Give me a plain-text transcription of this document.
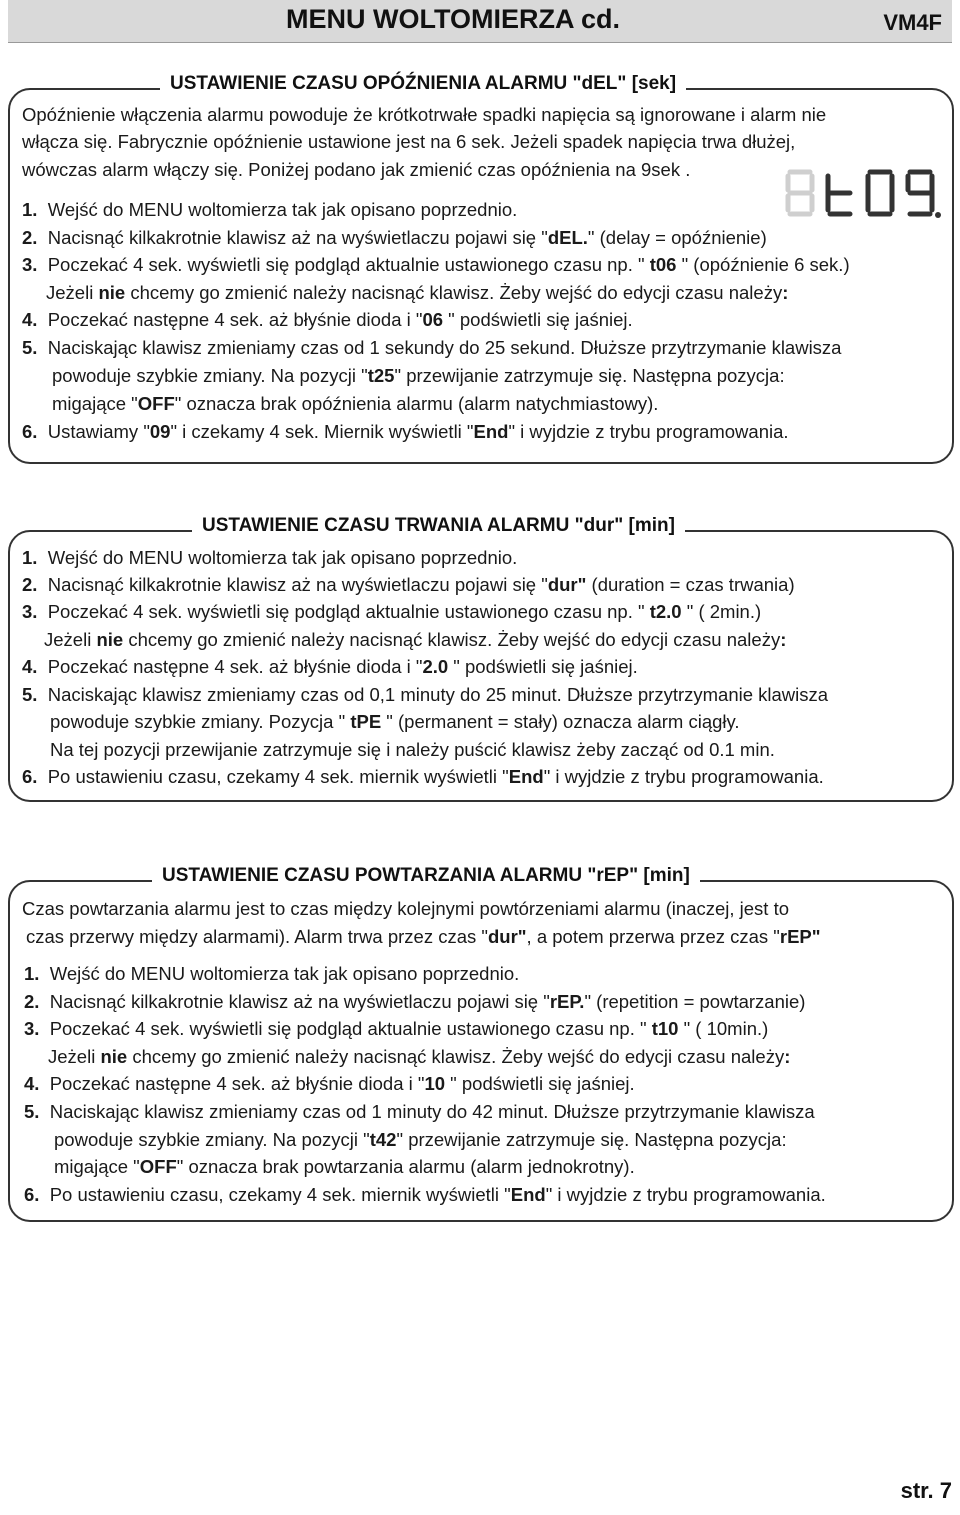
MENU WOLTOMIERZA cd.	VM4F
USTAWIENIE CZASU OPÓŹNIENIA ALARMU "dEL" [sek]
Opóźnienie włączenia alarmu powoduje że krótkotrwałe spadki napięcia są ignorowane i alarm nie
włącza się. Fabrycznie opóźnienie ustawione jest na 6 sek. Jeżeli spadek napięcia trwa dłużej,
wówczas alarm włączy się. Poniżej podano jak zmienić czas opóźnienia na 9sek .
1. Wejść do MENU woltomierza tak jak opisano poprzednio.
2. Nacisnąć kilkakrotnie klawisz aż na wyświetlaczu pojawi się "dEL." (delay = opóźnienie)
3. Poczekać 4 sek. wyświetli się podgląd aktualnie ustawionego czasu np. " t06 " (opóźnienie 6 sek.)
Jeżeli nie chcemy go zmienić należy nacisnąć klawisz. Żeby wejść do edycji czasu należy:
4. Poczekać następne 4 sek. aż błyśnie dioda i "06 " podświetli się jaśniej.
5. Naciskając klawisz zmieniamy czas od 1 sekundy do 25 sekund. Dłuższe przytrzymanie klawisza
powoduje szybkie zmiany. Na pozycji "t25" przewijanie zatrzymuje się. Następna pozycja:
migające "OFF" oznacza brak opóźnienia alarmu (alarm natychmiastowy).
6. Ustawiamy "09" i czekamy 4 sek. Miernik wyświetli "End" i wyjdzie z trybu programowania.
USTAWIENIE CZASU TRWANIA ALARMU "dur" [min]
1. Wejść do MENU woltomierza tak jak opisano poprzednio.
2. Nacisnąć kilkakrotnie klawisz aż na wyświetlaczu pojawi się "dur" (duration = czas trwania)
3. Poczekać 4 sek. wyświetli się podgląd aktualnie ustawionego czasu np. " t2.0 " ( 2min.)
Jeżeli nie chcemy go zmienić należy nacisnąć klawisz. Żeby wejść do edycji czasu należy:
4. Poczekać następne 4 sek. aż błyśnie dioda i "2.0 " podświetli się jaśniej.
5. Naciskając klawisz zmieniamy czas od 0,1 minuty do 25 minut. Dłuższe przytrzymanie klawisza
powoduje szybkie zmiany. Pozycja " tPE " (permanent = stały) oznacza alarm ciągły.
Na tej pozycji przewijanie zatrzymuje się i należy puścić klawisz żeby zacząć od 0.1 min.
6. Po ustawieniu czasu, czekamy 4 sek. miernik wyświetli "End" i wyjdzie z trybu programowania.
USTAWIENIE CZASU POWTARZANIA ALARMU "rEP" [min]
Czas powtarzania alarmu jest to czas między kolejnymi powtórzeniami alarmu (inaczej, jest to
czas przerwy między alarmami). Alarm trwa przez czas "dur", a potem przerwa przez czas "rEP"
1. Wejść do MENU woltomierza tak jak opisano poprzednio.
2. Nacisnąć kilkakrotnie klawisz aż na wyświetlaczu pojawi się "rEP." (repetition = powtarzanie)
3. Poczekać 4 sek. wyświetli się podgląd aktualnie ustawionego czasu np. " t10 " ( 10min.)
Jeżeli nie chcemy go zmienić należy nacisnąć klawisz. Żeby wejść do edycji czasu należy:
4. Poczekać następne 4 sek. aż błyśnie dioda i "10 " podświetli się jaśniej.
5. Naciskając klawisz zmieniamy czas od 1 minuty do 42 minut. Dłuższe przytrzymanie klawisza
powoduje szybkie zmiany. Na pozycji "t42" przewijanie zatrzymuje się. Następna pozycja:
migające "OFF" oznacza brak powtarzania alarmu (alarm jednokrotny).
6. Po ustawieniu czasu, czekamy 4 sek. miernik wyświetli "End" i wyjdzie z trybu programowania.
str. 7
